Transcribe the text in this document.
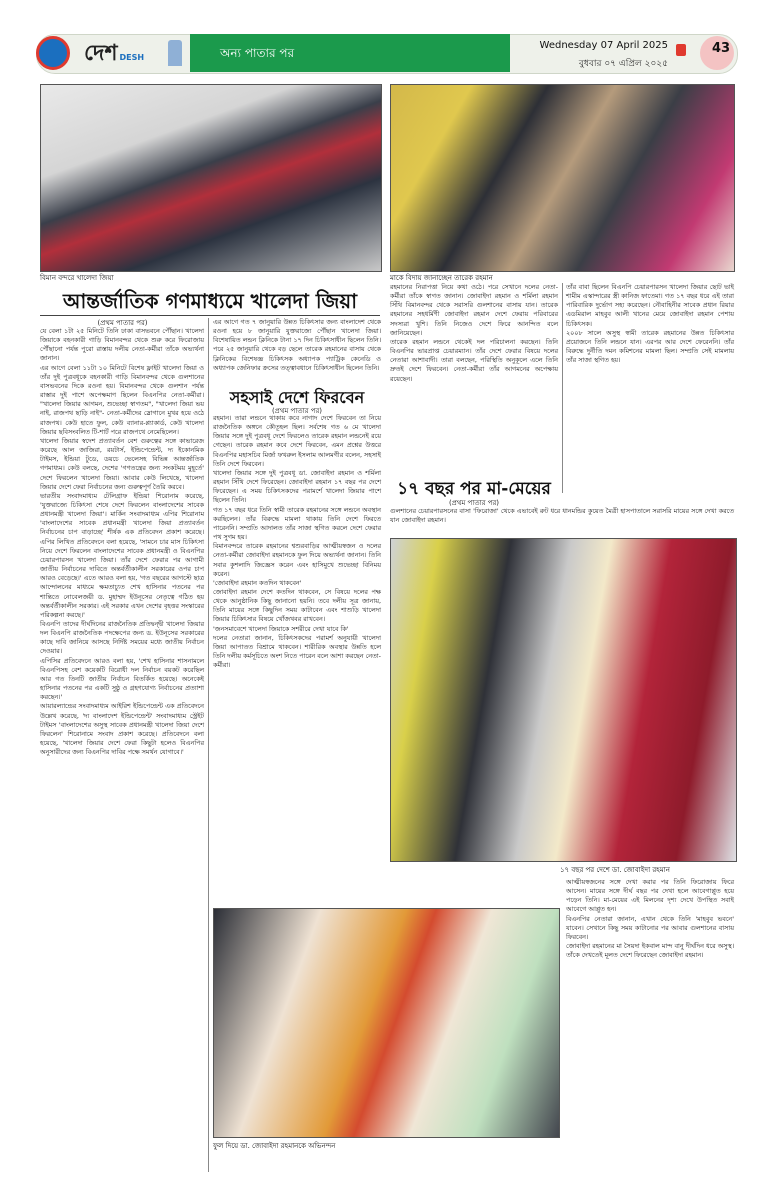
দেশ DESH	অন্য পাতার পর
Wednesday 07 April 2025
বুধবার ০৭ এপ্রিল ২০২৫
43
বিমান বন্দরে খালেদা জিয়া	মাকে বিদায় জানাচ্ছেন তারেক রহমান
আন্তর্জাতিক গণমাধ্যমে খালেদা জিয়া
(প্রথম পাতার পর)
যে বেলা ১টা ২৫ মিনিটে তিনি ঢাকা বাসভবনে পৌঁছান। খালেদা জিয়াকে বহনকারী গাড়ি বিমানবন্দর থেকে শুরু করে ফিরোজায় পৌঁছানো পর্যন্ত পুরো রাস্তায় দলীয় নেতা-কর্মীরা তাঁকে অভ্যর্থনা জানান।
এর আগে বেলা ১১টা ১০ মিনিটে বিশেষ ফ্লাইট খালেদা জিয়া ও তাঁর দুই পুত্রবধূকে বহনকারী গাড়ি বিমানবন্দর থেকে গুলশানের বাসভবনের দিকে রওনা হয়। বিমানবন্দর থেকে গুলশান পর্যন্ত রাস্তার দুই পাশে অপেক্ষমাণ ছিলেন বিএনপির নেতা-কর্মীরা। "খালেদা জিয়ার আগমন, শুভেচ্ছা স্বাগতম", "খালেদা জিয়া ভয় নাই, রাজপথ ছাড়ি নাই"- নেতা-কর্মীদের স্লোগানে মুখর হয়ে ওঠে রাজপথ। কেউ হাতে ফুল, কেউ ব্যানার-প্ল্যাকার্ড, কেউ খালেদা জিয়ার ছবিসংবলিত টি-শার্ট পরে রাজপথে নেমেছিলেন।
খালেদা জিয়ার স্বদেশ প্রত্যাবর্তন বেশ গুরুত্বের সঙ্গে কাভারেজ করেছে আল জাজিরা, রয়টার্স, ইন্ডিপেন্ডেন্ট, দ্য ইকোনমিক টাইমস, ইন্ডিয়া টুডে, ডয়চে ভেলেসহ বিভিন্ন আন্তর্জাতিক গণমাধ্যম। কেউ বলছে, দেশের 'গণতন্ত্রের জন্য সংকটময় মুহূর্তে' দেশে ফিরলেন খালেদা জিয়া। আবার কেউ লিখেছে, খালেদা জিয়ার দেশে ফেরা নির্বাচনের জন্য গুরুত্বপূর্ণ তৈরি করবে।
ভারতীয় সংবাদমাধ্যম টেলিগ্রাফ ইন্ডিয়া শিরোনাম করেছে, 'যুক্তরাজ্যে চিকিৎসা শেষে দেশে ফিরলেন বাংলাদেশের সাবেক প্রধানমন্ত্রী খালেদা জিয়া'। মার্কিন সংবাদমাধ্যম এপির শিরোনাম 'বাংলাদেশের সাবেক প্রধানমন্ত্রী খালেদা জিয়া প্রত্যাবর্তন নির্বাচনের চাপ বাড়াচ্ছে' শীর্ষক এক প্রতিবেদন প্রকাশ করেছে। এপির লিখিত প্রতিবেদনে বলা হয়েছে, 'সামনে চার মাস চিকিৎসা নিয়ে দেশে ফিরলেন বাংলাদেশের সাবেক প্রধানমন্ত্রী ও বিএনপির চেয়ারপারসন খালেদা জিয়া। তাঁর দেশে ফেরার পর আগামী জাতীয় নির্বাচনের দাবিতে অন্তর্বর্তীকালীন সরকারের ওপর চাপ আরও বেড়েছে।' এতে আরও বলা হয়, 'গত বছরের আগস্টে ছাত্র আন্দোলনের মাধ্যমে ক্ষমতাচ্যুত শেখ হাসিনার পতনের পর শান্তিতে নোবেলজয়ী ড. মুহাম্মদ ইউনূসের নেতৃত্বে গঠিত হয় অন্তর্বর্তীকালীন সরকার। এই সরকার এখন দেশের বৃহত্তর সংস্কারের পরিকল্পনা করছে।'
বিএনপি তাদের দীর্ঘদিনের রাজনৈতিক প্রতিদ্বন্দ্বী খালেদা জিয়ার দল বিএনপি রাজনৈতিক পদক্ষেপের জন্য ড. ইউনূসের সরকারের কাছে দাবি জানিয়ে আসছে নির্দিষ্ট সময়ের মধ্যে জাতীয় নির্বাচন দেওয়ার।
এপিসির প্রতিবেদনে আরও বলা হয়, 'শেখ হাসিনার শাসনামলে বিএনপিসহ বেশ কয়েকটি বিরোধী দল নির্বাচন বয়কট করেছিল আর গত তিনটি জাতীয় নির্বাচন বিতর্কিত হয়েছে। অনেকেই হাসিনার পতনের পর একটি সুষ্ঠু ও গ্রহণযোগ্য নির্বাচনের প্রত্যাশা করছেন।'
আয়ারল্যান্ডের সংবাদমাধ্যম আইরিশ ইন্ডিপেন্ডেন্ট এক প্রতিবেদনে উল্লেখ করেছে, 'দ্য বাংলাদেশ ইন্ডিপেন্ডেন্ট' সংবাদমাধ্যম স্ট্রেইট টাইমস 'বাংলাদেশের অসুস্থ সাবেক প্রধানমন্ত্রী খালেদা জিয়া দেশে ফিরলেন' শিরোনামে সংবাদ প্রকাশ করেছে। প্রতিবেদনে বলা হয়েছে, 'খালেদা জিয়ার দেশে ফেরা কিছুটা হলেও বিএনপির অনুসারীদের জন্য বিএনপির দাবির পক্ষে সমর্থন যোগাবে।'
এর আগে গত ৭ জানুয়ারি উন্নত চিকিৎসার জন্য বাংলাদেশ থেকে রওনা হয়ে ৮ জানুয়ারি যুক্তরাজ্যে পৌঁছান খালেদা জিয়া। বিশেষায়িত লন্ডন ক্লিনিকে টানা ১৭ দিন চিকিৎসাধীন ছিলেন তিনি। পরে ২৫ জানুয়ারি থেকে বড় ছেলে তারেক রহমানের বাসায় থেকে ক্লিনিকের বিশেষজ্ঞ চিকিৎসক অধ্যাপক প্যাট্রিক কেনেডি ও অধ্যাপক জেনিফার ক্রসের তত্ত্বাবধানে চিকিৎসাধীন ছিলেন তিনি।
সহসাই দেশে ফিরবেন
(প্রথম পাতার পর)
রহমান। তারা লন্ডনে থাকায় কবে নাগাদ দেশে ফিরবেন তা নিয়ে রাজনৈতিক অঙ্গনে কৌতূহল ছিল। সর্বশেষ গত ৬ মে খালেদা জিয়ার সঙ্গে দুই পুত্রবধূ দেশে ফিরলেও তারেক রহমান লন্ডনেই রয়ে গেছেন। তারেক রহমান কবে দেশে ফিরবেন, এমন প্রশ্নের উত্তরে বিএনপির মহাসচিব মির্জা ফখরুল ইসলাম আলমগীর বলেন, সহসাই তিনি দেশে ফিরবেন।
খালেদা জিয়ার সঙ্গে দুই পুত্রবধূ ডা. জোবাইদা রহমান ও শর্মিলা রহমান সিঁথি দেশে ফিরেছেন। জোবাইদা রহমান ১৭ বছর পর দেশে ফিরেছেন। এ সময় চিকিৎসকদের পরামর্শে খালেদা জিয়ার পাশে ছিলেন তিনি।
গত ১৭ বছর ধরে তিনি স্বামী তারেক রহমানের সঙ্গে লন্ডনে অবস্থান করছিলেন। তাঁর বিরুদ্ধে মামলা থাকায় তিনি দেশে ফিরতে পারেননি। সম্প্রতি আদালত তাঁর সাজা স্থগিত করলে দেশে ফেরার পথ সুগম হয়।
বিমানবন্দরে তারেক রহমানের শ্বশুরবাড়ির আত্মীয়স্বজন ও দলের নেতা-কর্মীরা জোবাইদা রহমানকে ফুল দিয়ে অভ্যর্থনা জানান। তিনি সবার কুশলাদি জিজ্ঞেস করেন এবং হাসিমুখে শুভেচ্ছা বিনিময় করেন।
'জোবাইদা রহমান কতদিন থাকবেন'
জোবাইদা রহমান দেশে কতদিন থাকবেন, সে বিষয়ে দলের পক্ষ থেকে আনুষ্ঠানিক কিছু জানানো হয়নি। তবে দলীয় সূত্র জানায়, তিনি মায়ের সঙ্গে কিছুদিন সময় কাটাবেন এবং শাশুড়ি খালেদা জিয়ার চিকিৎসার বিষয়ে খোঁজখবর রাখবেন।
'জনসমাবেশে খালেদা জিয়াকে সশরীরে দেখা যাবে কি'
দলের নেতারা জানান, চিকিৎসকদের পরামর্শ অনুযায়ী খালেদা জিয়া আপাতত বিশ্রামে থাকবেন। শারীরিক অবস্থার উন্নতি হলে তিনি দলীয় কর্মসূচিতে অংশ নিতে পারেন বলে আশা করছেন নেতা-কর্মীরা।
ফুল দিয়ে ডা. জোবাইদা রহমানকে অভিনন্দন
রহমানের নিরাপত্তা নিয়ে কথা ওঠে। পরে সেখানে দলের নেতা-কর্মীরা তাঁকে স্বাগত জানান। জোবাইদা রহমান ও শর্মিলা রহমান সিঁথি বিমানবন্দর থেকে সরাসরি গুলশানের বাসায় যান। তারেক রহমানের সহধর্মিণী জোবাইদা রহমান দেশে ফেরায় পরিবারের সদস্যরা খুশি। তিনি নিজেও দেশে ফিরে আনন্দিত বলে জানিয়েছেন।
তারেক রহমান লন্ডনে থেকেই দল পরিচালনা করছেন। তিনি বিএনপির ভারপ্রাপ্ত চেয়ারম্যান। তাঁর দেশে ফেরার বিষয়ে দলের নেতারা আশাবাদী। তারা বলছেন, পরিস্থিতি অনুকূলে এলে তিনি দ্রুতই দেশে ফিরবেন। নেতা-কর্মীরা তাঁর আগমনের অপেক্ষায় রয়েছেন।
তাঁর বাবা ছিলেন বিএনপি চেয়ারপারসন খালেদা জিয়ার ছোট ভাই শামীম এস্কান্দারের স্ত্রী কানিজ ফাতেমা। গত ১৭ বছর ধরে এই তারা পারিবারিক দুর্ভোগ সহ্য করেছেন। নৌবাহিনীর সাবেক প্রধান রিয়ার এডমিরাল মাহবুব আলী খানের মেয়ে জোবাইদা রহমান পেশায় চিকিৎসক।
২০০৮ সালে অসুস্থ স্বামী তারেক রহমানের উন্নত চিকিৎসার প্রয়োজনে তিনি লন্ডনে যান। এরপর আর দেশে ফেরেননি। তাঁর বিরুদ্ধে দুর্নীতি দমন কমিশনের মামলা ছিল। সম্প্রতি সেই মামলায় তাঁর সাজা স্থগিত হয়।
১৭ বছর পর মা-মেয়ের
(প্রথম পাতার পর)
গুলশানের চেয়ারপারসনের বাসা 'ফিরোজা' থেকে এভাবেই রুট ধরে ধানমন্ডির কুয়েত মৈত্রী হাসপাতালে সরাসরি মায়ের সঙ্গে দেখা করতে যান জোবাইদা রহমান।
১৭ বছর পর দেশে ডা. জোবাইদা রহমান
আত্মীয়স্বজনের সঙ্গে দেখা করার পর তিনি ফিরোজায় ফিরে আসেন। মায়ের সঙ্গে দীর্ঘ বছর পর দেখা হলে আবেগাপ্লুত হয়ে পড়েন তিনি। মা-মেয়ের এই মিলনের দৃশ্য দেখে উপস্থিত সবাই আবেগে আপ্লুত হন।
বিএনপির নেতারা জানান, এখান থেকে তিনি 'মাহবুব ভবনে' যাবেন। সেখানে কিছু সময় কাটানোর পর আবার গুলশানের বাসায় ফিরবেন।
জোবাইদা রহমানের মা সৈয়দা ইকবাল মান্দ বানু দীর্ঘদিন ধরে অসুস্থ। তাঁকে দেখতেই মূলত দেশে ফিরেছেন জোবাইদা রহমান।
